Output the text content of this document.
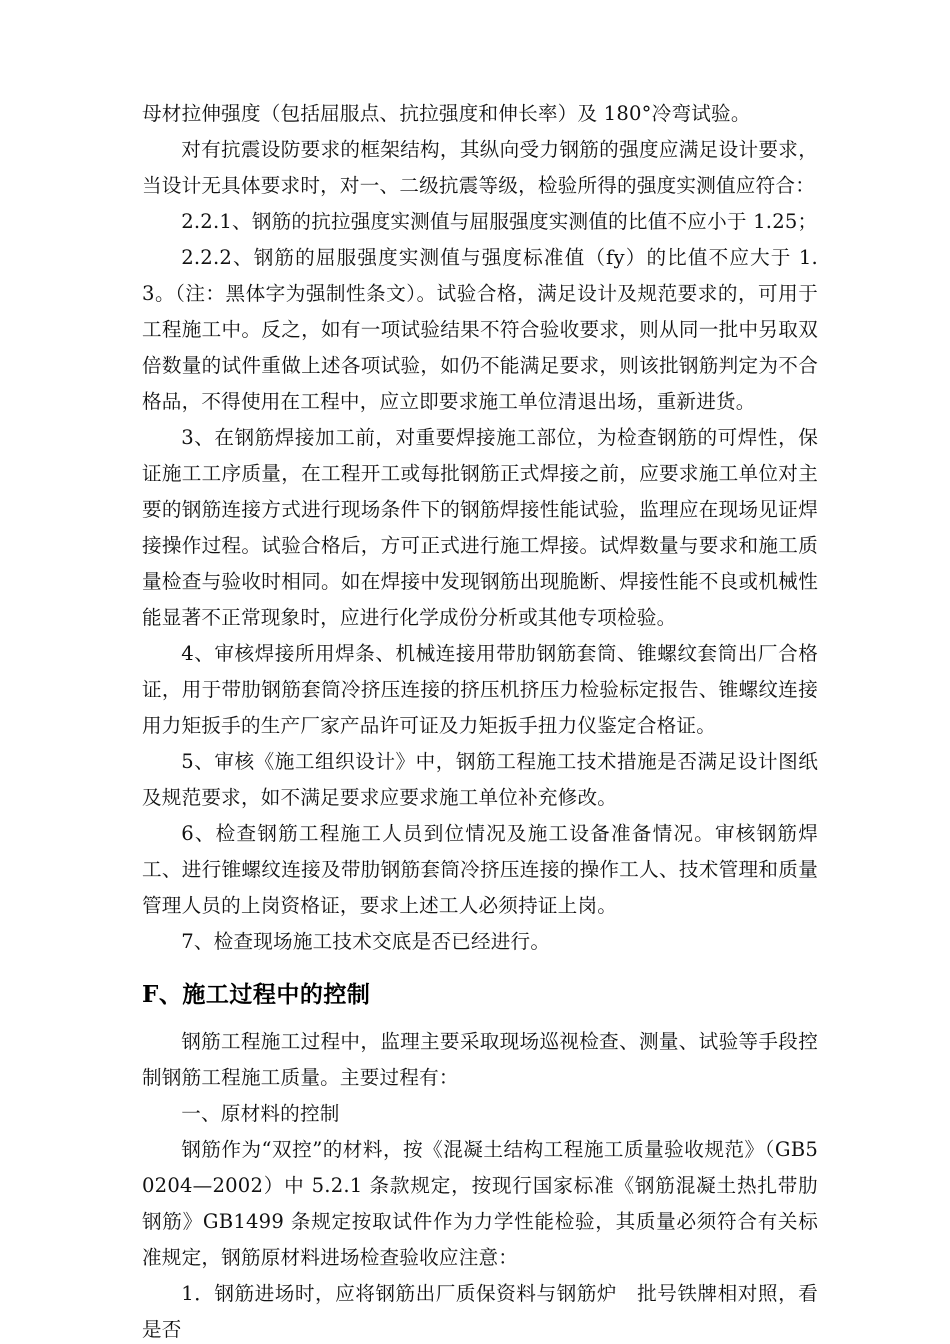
母材拉伸强度（包括屈服点、抗拉强度和伸长率）及 180°冷弯试验。

对有抗震设防要求的框架结构，其纵向受力钢筋的强度应满足设计要求，当设计无具体要求时，对一、二级抗震等级，检验所得的强度实测值应符合：

2.2.1、钢筋的抗拉强度实测值与屈服强度实测值的比值不应小于 1.25；

2.2.2、钢筋的屈服强度实测值与强度标准值（fy）的比值不应大于 1.3。（注：黑体字为强制性条文）。试验合格，满足设计及规范要求的，可用于工程施工中。反之，如有一项试验结果不符合验收要求，则从同一批中另取双倍数量的试件重做上述各项试验，如仍不能满足要求，则该批钢筋判定为不合格品，不得使用在工程中，应立即要求施工单位清退出场，重新进货。

3、在钢筋焊接加工前，对重要焊接施工部位，为检查钢筋的可焊性，保证施工工序质量，在工程开工或每批钢筋正式焊接之前，应要求施工单位对主要的钢筋连接方式进行现场条件下的钢筋焊接性能试验，监理应在现场见证焊接操作过程。试验合格后，方可正式进行施工焊接。试焊数量与要求和施工质量检查与验收时相同。如在焊接中发现钢筋出现脆断、焊接性能不良或机械性能显著不正常现象时，应进行化学成份分析或其他专项检验。

4、审核焊接所用焊条、机械连接用带肋钢筋套筒、锥螺纹套筒出厂合格证，用于带肋钢筋套筒冷挤压连接的挤压机挤压力检验标定报告、锥螺纹连接用力矩扳手的生产厂家产品许可证及力矩扳手扭力仪鉴定合格证。

5、审核《施工组织设计》中，钢筋工程施工技术措施是否满足设计图纸及规范要求，如不满足要求应要求施工单位补充修改。

6、检查钢筋工程施工人员到位情况及施工设备准备情况。审核钢筋焊工、进行锥螺纹连接及带肋钢筋套筒冷挤压连接的操作工人、技术管理和质量管理人员的上岗资格证，要求上述工人必须持证上岗。

7、检查现场施工技术交底是否已经进行。

F、施工过程中的控制

钢筋工程施工过程中，监理主要采取现场巡视检查、测量、试验等手段控制钢筋工程施工质量。主要过程有：

一、原材料的控制

钢筋作为“双控”的材料，按《混凝土结构工程施工质量验收规范》（GB50204—2002）中 5.2.1 条款规定，按现行国家标准《钢筋混凝土热扎带肋钢筋》GB1499 条规定按取试件作为力学性能检验，其质量必须符合有关标准规定，钢筋原材料进场检查验收应注意：

1．钢筋进场时，应将钢筋出厂质保资料与钢筋炉　批号铁牌相对照，看是否
